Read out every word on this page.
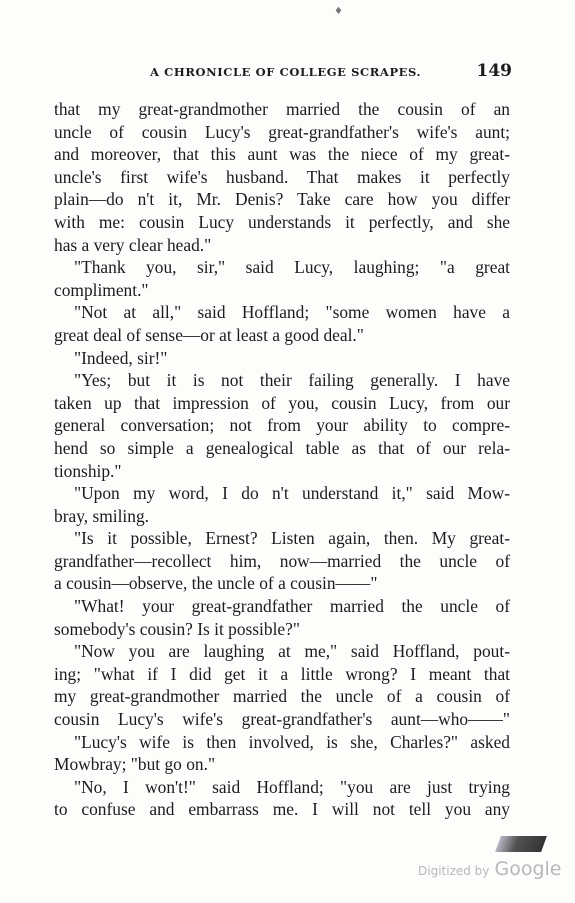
♦
A CHRONICLE OF COLLEGE SCRAPES.	149
that my great-grandmother married the cousin of an
uncle of cousin Lucy's great-grandfather's wife's aunt;
and moreover, that this aunt was the niece of my great-
uncle's first wife's husband. That makes it perfectly
plain—do n't it, Mr. Denis? Take care how you differ
with me: cousin Lucy understands it perfectly, and she
has a very clear head."
"Thank you, sir," said Lucy, laughing; "a great
compliment."
"Not at all," said Hoffland; "some women have a
great deal of sense—or at least a good deal."
"Indeed, sir!"
"Yes; but it is not their failing generally. I have
taken up that impression of you, cousin Lucy, from our
general conversation; not from your ability to compre-
hend so simple a genealogical table as that of our rela-
tionship."
"Upon my word, I do n't understand it," said Mow-
bray, smiling.
"Is it possible, Ernest? Listen again, then. My great-
grandfather—recollect him, now—married the uncle of
a cousin—observe, the uncle of a cousin——"
"What! your great-grandfather married the uncle of
somebody's cousin? Is it possible?"
"Now you are laughing at me," said Hoffland, pout-
ing; "what if I did get it a little wrong? I meant that
my great-grandmother married the uncle of a cousin of
cousin Lucy's wife's great-grandfather's aunt—who——"
"Lucy's wife is then involved, is she, Charles?" asked
Mowbray; "but go on."
"No, I won't!" said Hoffland; "you are just trying
to confuse and embarrass me. I will not tell you any
Digitized by Google
